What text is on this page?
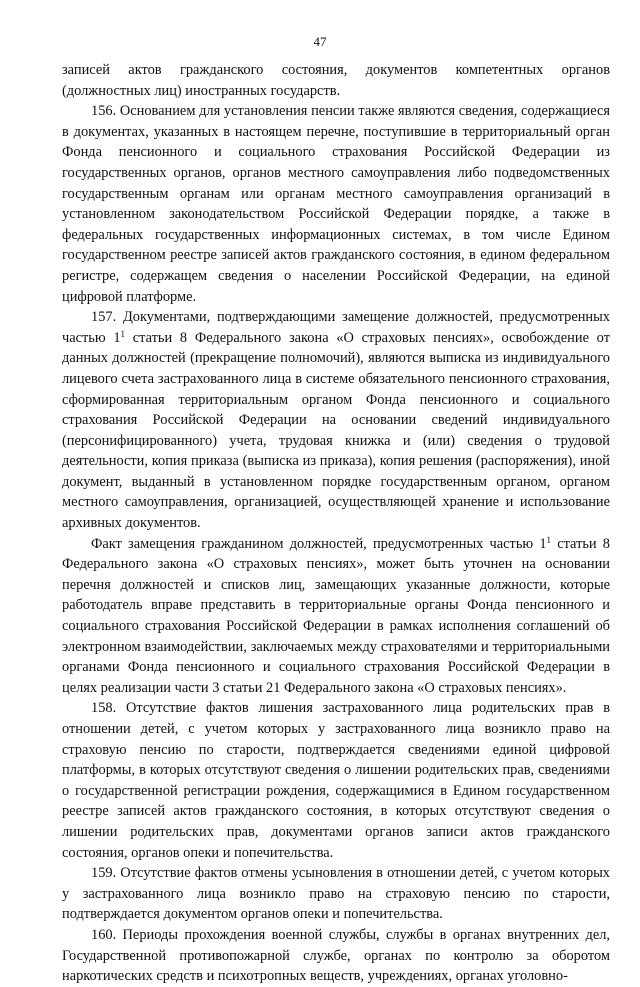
47

записей актов гражданского состояния, документов компетентных органов (должностных лиц) иностранных государств.

156. Основанием для установления пенсии также являются сведения, содержащиеся в документах, указанных в настоящем перечне, поступившие в территориальный орган Фонда пенсионного и социального страхования Российской Федерации из государственных органов, органов местного самоуправления либо подведомственных государственным органам или органам местного самоуправления организаций в установленном законодательством Российской Федерации порядке, а также в федеральных государственных информационных системах, в том числе Едином государственном реестре записей актов гражданского состояния, в едином федеральном регистре, содержащем сведения о населении Российской Федерации, на единой цифровой платформе.

157. Документами, подтверждающими замещение должностей, предусмотренных частью $1^1$ статьи 8 Федерального закона «О страховых пенсиях», освобождение от данных должностей (прекращение полномочий), являются выписка из индивидуального лицевого счета застрахованного лица в системе обязательного пенсионного страхования, сформированная территориальным органом Фонда пенсионного и социального страхования Российской Федерации на основании сведений индивидуального (персонифицированного) учета, трудовая книжка и (или) сведения о трудовой деятельности, копия приказа (выписка из приказа), копия решения (распоряжения), иной документ, выданный в установленном порядке государственным органом, органом местного самоуправления, организацией, осуществляющей хранение и использование архивных документов.

Факт замещения гражданином должностей, предусмотренных частью $1^1$ статьи 8 Федерального закона «О страховых пенсиях», может быть уточнен на основании перечня должностей и списков лиц, замещающих указанные должности, которые работодатель вправе представить в территориальные органы Фонда пенсионного и социального страхования Российской Федерации в рамках исполнения соглашений об электронном взаимодействии, заключаемых между страхователями и территориальными органами Фонда пенсионного и социального страхования Российской Федерации в целях реализации части 3 статьи 21 Федерального закона «О страховых пенсиях».

158. Отсутствие фактов лишения застрахованного лица родительских прав в отношении детей, с учетом которых у застрахованного лица возникло право на страховую пенсию по старости, подтверждается сведениями единой цифровой платформы, в которых отсутствуют сведения о лишении родительских прав, сведениями о государственной регистрации рождения, содержащимися в Едином государственном реестре записей актов гражданского состояния, в которых отсутствуют сведения о лишении родительских прав, документами органов записи актов гражданского состояния, органов опеки и попечительства.

159. Отсутствие фактов отмены усыновления в отношении детей, с учетом которых у застрахованного лица возникло право на страховую пенсию по старости, подтверждается документом органов опеки и попечительства.

160. Периоды прохождения военной службы, службы в органах внутренних дел, Государственной противопожарной службе, органах по контролю за оборотом наркотических средств и психотропных веществ, учреждениях, органах уголовно-
